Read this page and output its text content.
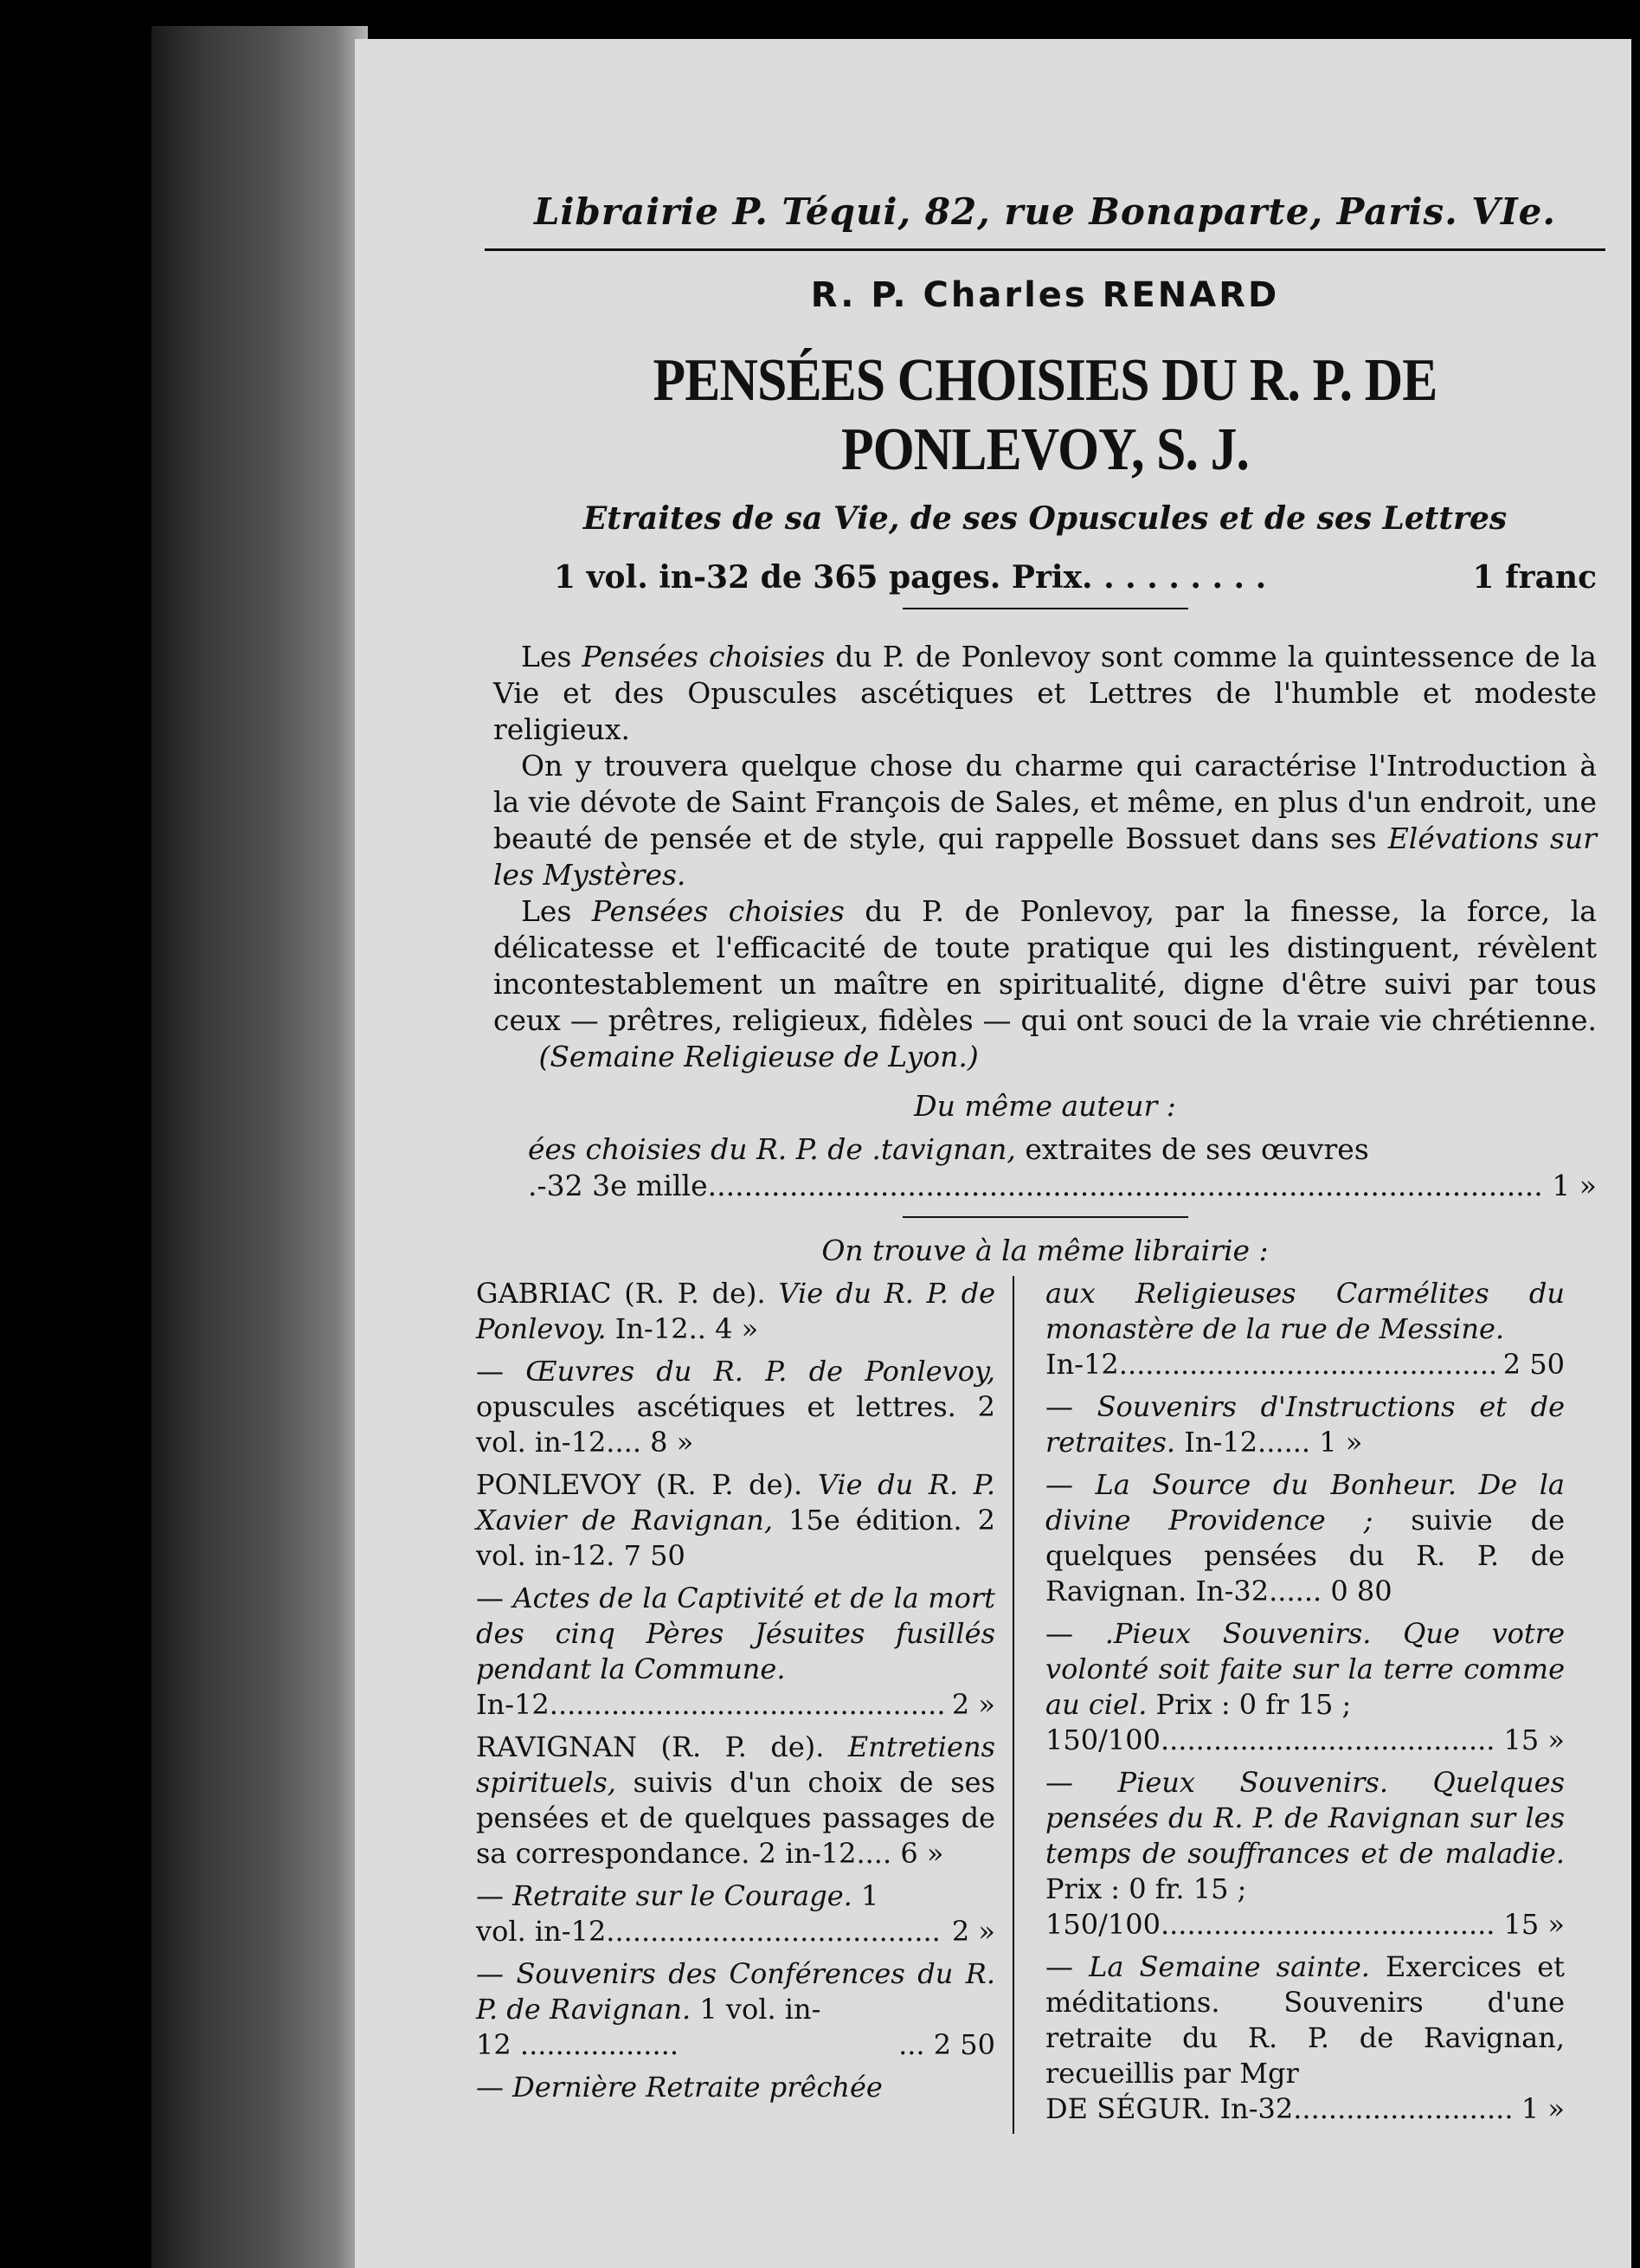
Librairie P. Téqui, 82, rue Bonaparte, Paris. VIe.
R. P. Charles RENARD
PENSÉES CHOISIES DU R. P. DE PONLEVOY, S. J.
Etraites de sa Vie, de ses Opuscules et de ses Lettres
1 vol. in-32 de 365 pages. Prix. . . . . . . . .	1 franc

Les Pensées choisies du P. de Ponlevoy sont comme la quintessence de la Vie et des Opuscules ascétiques et Lettres de l'humble et modeste religieux.

On y trouvera quelque chose du charme qui caractérise l'Introduction à la vie dévote de Saint François de Sales, et même, en plus d'un endroit, une beauté de pensée et de style, qui rappelle Bossuet dans ses Elévations sur les Mystères.

Les Pensées choisies du P. de Ponlevoy, par la finesse, la force, la délicatesse et l'efficacité de toute pratique qui les distinguent, révèlent incontestablement un maître en spiritualité, digne d'être suivi par tous ceux — prêtres, religieux, fidèles — qui ont souci de la vraie vie chrétienne.      (Semaine Religieuse de Lyon.)

Du même auteur :
ées choisies du R. P. de .tavignan, extraites de ses œuvres
.-32 3e mille .....	1 »
On trouve à la même librairie :
GABRIAC (R. P. de). Vie du R. P. de Ponlevoy. In-12.. 4 »
— Œuvres du R. P. de Ponlevoy, opuscules ascétiques et lettres. 2 vol. in-12.... 8 »
PONLEVOY (R. P. de). Vie du R. P. Xavier de Ravignan, 15e édition. 2 vol. in-12. 7 50
— Actes de la Captivité et de la mort des cinq Pères Jésuites fusillés pendant la Commune.
In-12 .....	2 »
RAVIGNAN (R. P. de). Entretiens spirituels, suivis d'un choix de ses pensées et de quelques passages de sa correspondance. 2 in-12.... 6 »
— Retraite sur le Courage. 1
vol. in-12 .....	2 »
— Souvenirs des Conférences du R. P. de Ravignan. 1 vol. in-
12 ..................	... 2 50
— Dernière Retraite prêchée
aux Religieuses Carmélites du monastère de la rue de Messine.
In-12 .....	2 50
— Souvenirs d'Instructions et de retraites. In-12...... 1 »
— La Source du Bonheur. De la divine Providence ; suivie de quelques pensées du R. P. de Ravignan. In-32...... 0 80
— .Pieux Souvenirs. Que votre volonté soit faite sur la terre comme au ciel. Prix : 0 fr 15 ;
150/100 .....	15 »
— Pieux Souvenirs. Quelques pensées du R. P. de Ravignan sur les temps de souffrances et de maladie. Prix : 0 fr. 15 ;
150/100 .....	15 »
— La Semaine sainte. Exercices et méditations. Souvenirs d'une retraite du R. P. de Ravignan, recueillis par Mgr
DE SÉGUR. In-32 .....	1 »
